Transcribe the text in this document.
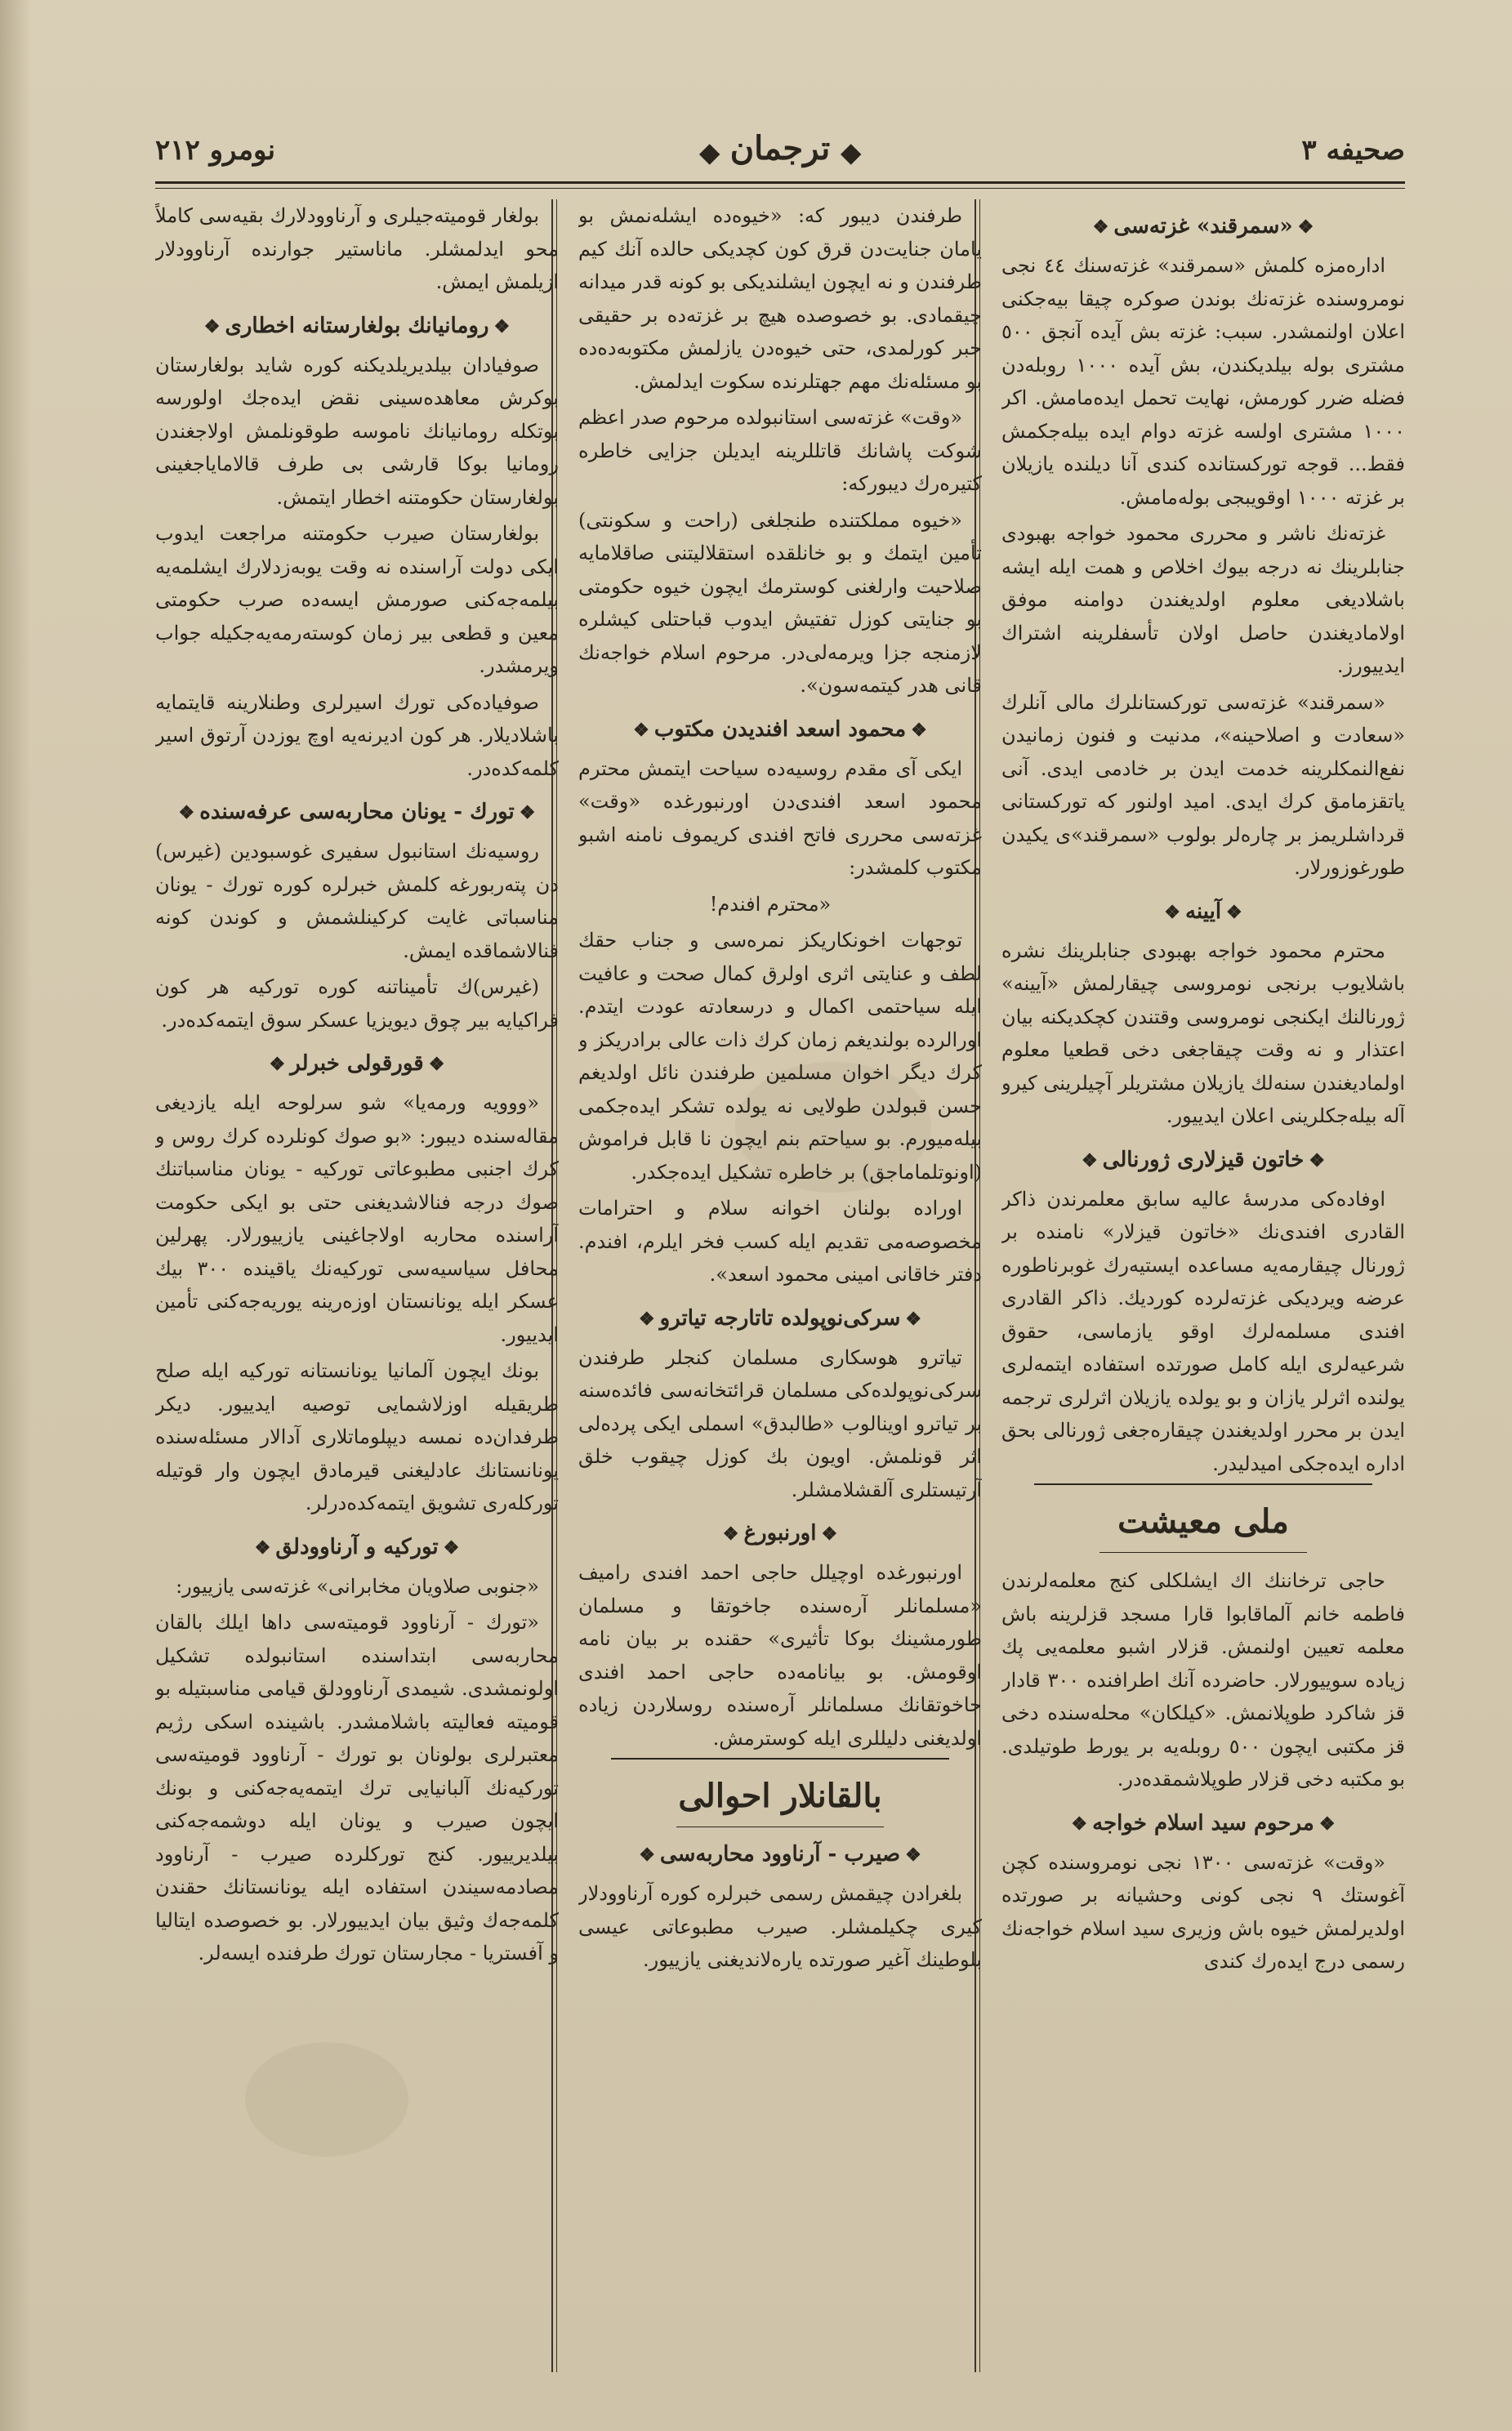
صحیفه ۳
ترجمان
نومرو ۲۱۲
❖«سمرقند» غزته‌سی❖

اداره‌مزه کلمش «سمرقند» غزته‌سنك ٤٤ نجی نومروسنده غزته‌نك بوندن صوكره چیقا بیه‌جکنی اعلان اولنمشدر. سبب: غزته بش آیده آنجق ٥٠٠ مشتری بوله بیلدیکندن، بش آیده ١٠٠٠ روبله‌دن فضله ضرر کورمش، نهایت تحمل ایده‌مامش. اکر ١٠٠٠ مشتری اولسه غزته دوام ایده بیله‌جکمش فقط... قوجه تورکستانده کندی آنا دیلنده یازیلان بر غزته ١٠٠٠ اوقویبجی بوله‌مامش.

غزته‌نك ناشر و محرری محمود خواجه بهبودی جنابلرینك نه درجه بیوك اخلاص و همت ایله ایشه باشلادیغی معلوم اولدیغندن دوامنه موفق اولاماديغندن حاصل اولان تأسفلرینه اشتراك ایدییورز.

«سمرقند» غزته‌سی تورکستانلرك مالی آنلرك «سعادت و اصلاحینه»، مدنیت و فنون زمانیدن نفع‌النمکلرینه خدمت ایدن بر خادمی ایدی. آنی یاتقزمامق کرك ایدی. امید اولنور که تورکستانی قرداشلریمز بر چاره‌لر بولوب «سمرقند»ی یکیدن طورغوزورلار.

❖آیینه❖

محترم محمود خواجه بهبودی جنابلرینك نشره باشلایوب برنجی نومروسی چیقارلمش «آیینه» ژورنالنك ایکنجی نومروسی وقتندن کچکدیکنه بیان اعتذار و نه وقت چیقاجغی دخی قطعیا معلوم اولمادیغندن سنه‌لك یازیلان مشتریلر آچیلرینی کیرو آله بیله‌جکلرینی اعلان ایدییور.

❖خاتون قیزلاری ژورنالی❖

اوفاده‌کی مدرسهٔ عالیه سابق معلمرندن ذاکر القادری افندی‌نك «خاتون قیزلار» نامنده بر ژورنال چیقارمه‌یه مساعده ایستیه‌رك غوبرناطوره عرضه ویردیکی غزته‌لرده کوردیك. ذاکر القادری افندی مسلمه‌لرك اوقو یازماسی، حقوق شرعیه‌لری ایله کامل صورتده استفاده ایتمه‌لری یولنده اثرلر یازان و بو یولده یازیلان اثرلری ترجمه ایدن بر محرر اولدیغندن چیقاره‌جغی ژورنالی بحق اداره ایده‌جکی امیدلیدر.

ملی معیشت

حاجی ترخاننك اك ایشلکلی کنج معلمه‌لرندن فاطمه خانم آلماقابوا قارا مسجد قزلرینه باش معلمه تعیین اولنمش. قزلار اشبو معلمه‌یی پك زیاده سوییورلار. حاضرده آنك اطرافنده ٣٠٠ قادار قز شاکرد طوپلانمش. «کیلکان» محله‌سنده دخی قز مکتبی ایچون ٥٠٠ روبله‌یه بر یورط طوتیلدی. بو مکتبه دخی قزلار طوپلاشمقده‌در.

❖مرحوم سید اسلام خواجه❖

«وقت» غزته‌سی ١٣٠٠ نجی نومروسنده کچن آغوستك ٩ نجی کونی وحشیانه بر صورتده اولدیرلمش خیوه باش وزیری سید اسلام خواجه‌نك رسمی درج ایده‌رك کندی

طرفندن دیبور که: «خیوه‌ده ایشله‌نمش بو یامان جنایت‌دن قرق کون کچدیکی حالده آنك کیم طرفندن و نه ایچون ایشلندیکی بو کونه قدر میدانه چیقمادی. بو خصوصده هیچ بر غزته‌ده بر حقیقی خبر کورلمدی، حتی خیوه‌دن یازلمش مکتوبه‌ده‌ده بو مسئله‌نك مهم جهتلرنده سکوت ایدلمش.

«وقت» غزته‌سی استانبولده مرحوم صدر اعظم شوکت پاشانك قاتللرینه ایدیلن جزایی خاطره کتیره‌رك دیبورکه:

«خیوه مملکتنده طنجلغی (راحت و سکونتی) تأمین ایتمك و بو خانلقده استقلالیتنی صاقلامایه صلاحیت وارلغنی کوسترمك ایچون خیوه حکومتی بو جنایتی کوزل تفتیش ایدوب قباحتلی کیشلره لازمنجه جزا ویرمه‌لی‌در. مرحوم اسلام خواجه‌نك قانی هدر کیتمه‌سون».

❖محمود اسعد افندیدن مکتوب❖

ایکی آی مقدم روسیه‌ده سیاحت ایتمش محترم محمود اسعد افندی‌دن اورنبورغده «وقت» غزته‌سی محرری فاتح افندی کریموف نامنه اشبو مکتوب کلمشدر:

«محترم افندم!

توجهات اخونکاریکز نمره‌سی و جناب حقك لطف و عنایتی اثری اولرق کمال صحت و عافیت ایله سیاحتمی اکمال و درسعادته عودت ایتدم. اورالرده بولندیغم زمان کرك ذات عالی برادریکز و کرك دیگر اخوان مسلمین طرفندن نائل اولدیغم حسن قبولدن طولایی نه یولده تشکر ایده‌جکمی بیله‌میورم. بو سیاحتم بنم ایچون نا قابل فراموش (اونوتلماماجق) بر خاطره تشکیل ایده‌جکدر.

اوراده بولنان اخوانه سلام و احترامات مخصوصه‌می تقدیم ایله کسب فخر ایلرم، افندم. دفتر خاقانی امینی محمود اسعد».

❖سرکی‌نوپولده تاتارجه تیاترو❖

تیاترو هوسکاری مسلمان کنجلر طرفندن سرکی‌نوپولده‌کی مسلمان قرائتخانه‌سی فائده‌سنه بر تیاترو اوینالوب «طالبدق» اسملی ایکی پرده‌لی اثر قونلمش. اویون بك کوزل چیقوب خلق آرتیستلری آلقشلامشلر.

❖اورنبورغ❖

اورنبورغده اوچیلل حاجی احمد افندی رامیف «مسلمانلر آره‌سنده جاخوتقا و مسلمان طورمشینك بوکا تأثیری» حقنده بر بیان نامه اوقومش. بو بیانامه‌ده حاجی احمد افندی جاخوتقانك مسلمانلر آره‌سنده روسلاردن زیاده اولدیغنی دلیللری ایله کوسترمش.

بالقانلار احوالی
❖صیرب - آرناوود محاربه‌سی❖

بلغرادن چیقمش رسمی خبرلره کوره آرناوودلار کیری چکیلمشلر. صیرب مطبوعاتی عیسی بلوطینك آغیر صورتده یاره‌لاندیغنی یازییور.

بولغار قومیته‌جیلری و آرناوودلارك بقیه‌سی کاملاً محو ایدلمشلر. ماناستیر جوارنده آرناوودلار ازیلمش ایمش.

❖رومانیانك بولغارستانه اخطاری❖

صوفیادان بیلدیریلدیکنه کوره شاید بولغارستان بوکرش معاهده‌سینی نقض ایده‌جك اولورسه بوتکله رومانیانك ناموسه طوقونلمش اولاجغندن رومانیا بوکا قارشی بی طرف قالامایاجغینی بولغارستان حکومتنه اخطار ایتمش.

بولغارستان صیرب حکومتنه مراجعت ایدوب ایکی دولت آراسنده نه وقت یوبه‌زدلارك ایشلمه‌یه بیلمه‌جه‌کنی صورمش ایسه‌ده صرب حکومتی معین و قطعی بیر زمان کوسته‌رمه‌یه‌جکیله جواب ویرمشدر.

صوفیاده‌کی تورك اسیرلری وطنلارینه قایتمایه باشلادیلار. هر کون ادیرنه‌یه اوچ یوزدن آرتوق اسیر کلمه‌کده‌در.

❖تورك - یونان محاربه‌سی عرفه‌سنده❖

روسیه‌نك استانبول سفیری غوسبودین (غیرس) دن پته‌ربورغه کلمش خبرلره کوره تورك - یونان مناسباتی غایت کرکینلشمش و کوندن کونه فنالاشماقده ایمش.

(غیرس)ك تأمیناتنه کوره تورکیه هر کون فراکیایه بیر چوق دیویزیا عسکر سوق ایتمه‌کده‌در.

❖قورقولی خبرلر❖

«ووویه ورمه‌یا» شو سرلوحه ایله یازدیغی مقاله‌سنده دیبور: «بو صوك کونلرده کرك روس و کرك اجنبی مطبوعاتی تورکیه - یونان مناسباتنك صوك درجه فنالاشدیغنی حتی بو ایکی حکومت آراسنده محاربه اولاجاغینی یازییورلار. پهرلین محافل سیاسیه‌سی تورکیه‌نك یاقینده ٣٠٠ بیك عسکر ایله یونانستان اوزه‌رینه یوریه‌جه‌کنی تأمین ایدییور.

بونك ایچون آلمانیا یونانستانه تورکیه ایله صلح طریقیله اوزلاشمایی توصیه ایدییور. دیکر طرفدان‌ده نمسه دیپلوماتلاری آدالار مسئله‌سنده یونانستانك عادلیغنی قیرمادق ایچون وار قوتیله تورکله‌ری تشویق ایتمه‌کده‌درلر.

❖تورکیه و آرناوودلق❖

«جنوبی صلاویان مخابرانی» غزته‌سی یازییور:

«تورك - آرناوود قومیته‌سی داها ایلك بالقان محاربه‌سی ابتداسنده استانبولده تشکیل اولونمشدی. شیمدی آرناوودلق قیامی مناسبتیله بو قومیته فعالیته باشلامشدر. باشینده اسکی رژیم معتبرلری بولونان بو تورك - آرناوود قومیته‌سی تورکیه‌نك آلبانیایی ترك ایتمه‌یه‌جه‌کنی و بونك ایچون صیرب و یونان ایله دوشمه‌جه‌کنی بیلدیرییور. کنج تورکلرده صیرب - آرناوود مصادمه‌سیندن استفاده ایله یونانستانك حقندن کلمه‌جه‌ك وثیق بیان ایدییورلار. بو خصوصده ایتالیا و آفستریا - مجارستان تورك طرفنده ایسه‌لر.
